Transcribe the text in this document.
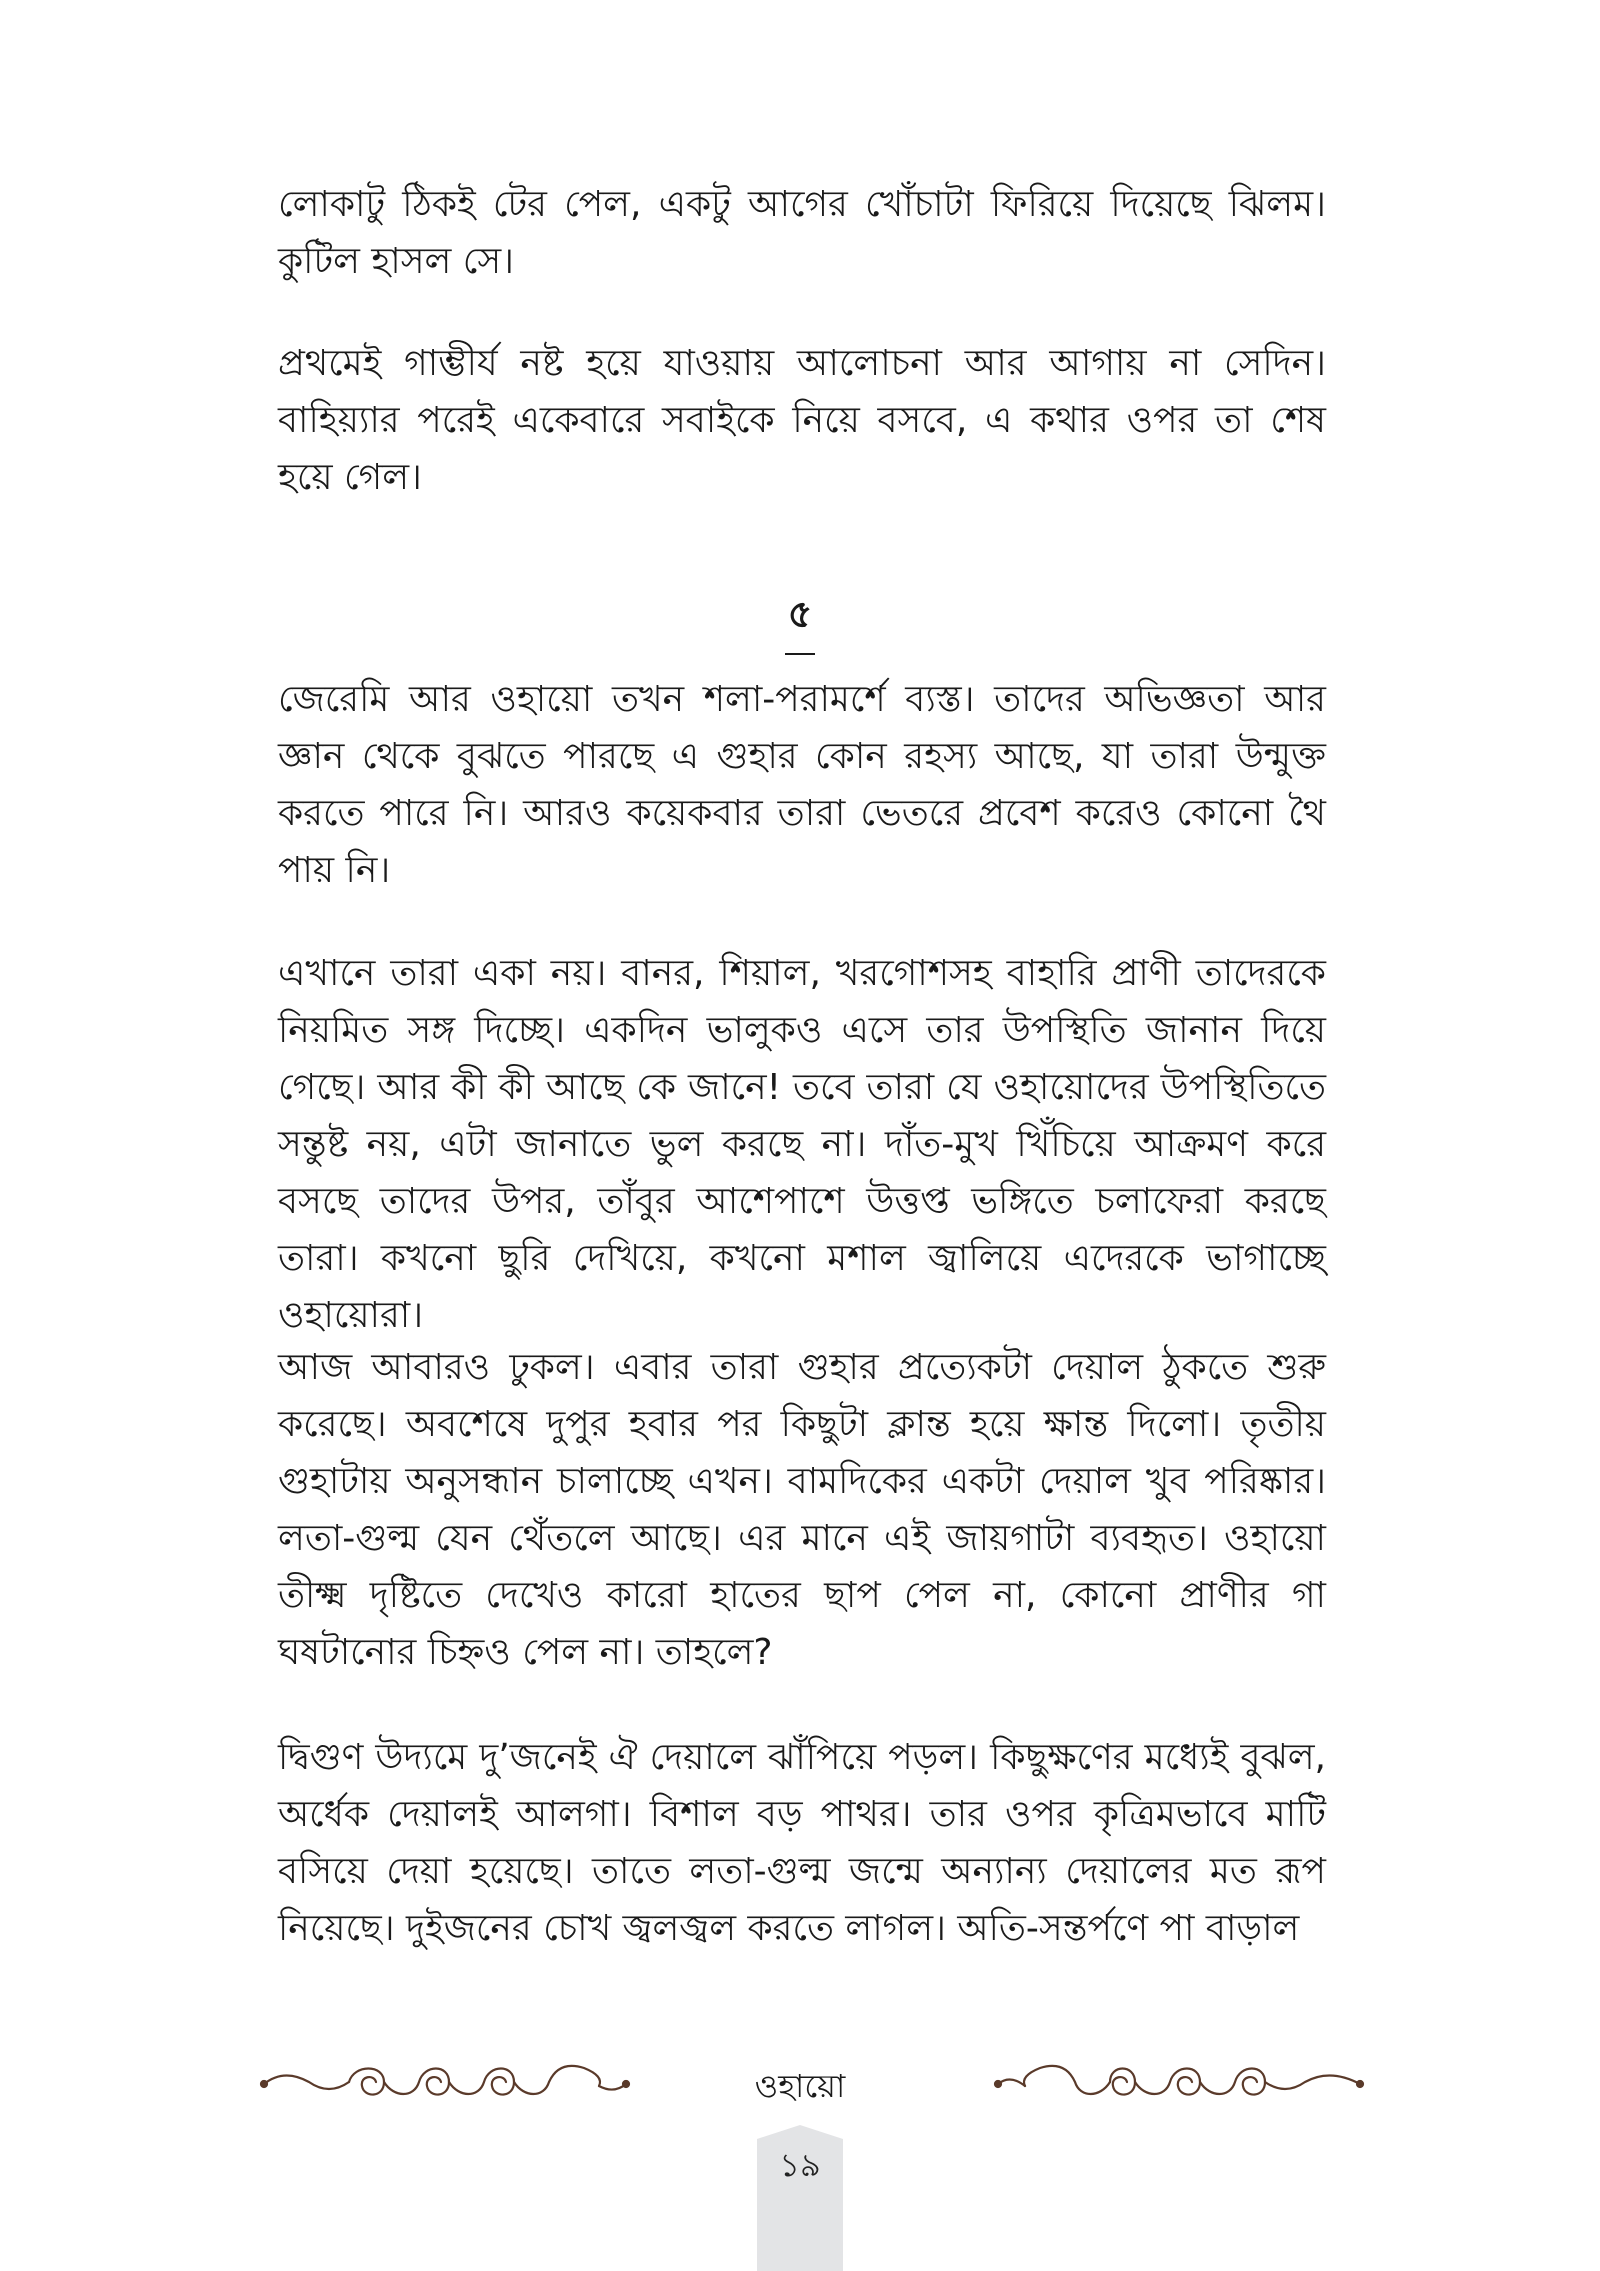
লোকাটু ঠিকই টের পেল, একটু আগের খোঁচাটা ফিরিয়ে দিয়েছে ঝিলম। কুটিল হাসল সে।

প্রথমেই গাম্ভীর্য নষ্ট হয়ে যাওয়ায় আলোচনা আর আগায় না সেদিন। বাহিয়্যার পরেই একেবারে সবাইকে নিয়ে বসবে, এ কথার ওপর তা শেষ হয়ে গেল।

৫

জেরেমি আর ওহায়ো তখন শলা-পরামর্শে ব্যস্ত। তাদের অভিজ্ঞতা আর জ্ঞান থেকে বুঝতে পারছে এ গুহার কোন রহস্য আছে, যা তারা উন্মুক্ত করতে পারে নি। আরও কয়েকবার তারা ভেতরে প্রবেশ করেও কোনো থৈ পায় নি।

এখানে তারা একা নয়। বানর, শিয়াল, খরগোশসহ বাহারি প্রাণী তাদেরকে নিয়মিত সঙ্গ দিচ্ছে। একদিন ভালুকও এসে তার উপস্থিতি জানান দিয়ে গেছে। আর কী কী আছে কে জানে! তবে তারা যে ওহায়োদের উপস্থিতিতে সন্তুষ্ট নয়, এটা জানাতে ভুল করছে না। দাঁত-মুখ খিঁচিয়ে আক্রমণ করে বসছে তাদের উপর, তাঁবুর আশেপাশে উত্তপ্ত ভঙ্গিতে চলাফেরা করছে তারা। কখনো ছুরি দেখিয়ে, কখনো মশাল জ্বালিয়ে এদেরকে ভাগাচ্ছে ওহায়োরা।

আজ আবারও ঢুকল। এবার তারা গুহার প্রত্যেকটা দেয়াল ঠুকতে শুরু করেছে। অবশেষে দুপুর হবার পর কিছুটা ক্লান্ত হয়ে ক্ষান্ত দিলো। তৃতীয় গুহাটায় অনুসন্ধান চালাচ্ছে এখন। বামদিকের একটা দেয়াল খুব পরিষ্কার। লতা-গুল্ম যেন থেঁতলে আছে। এর মানে এই জায়গাটা ব্যবহৃত। ওহায়ো তীক্ষ্ম দৃষ্টিতে দেখেও কারো হাতের ছাপ পেল না, কোনো প্রাণীর গা ঘষটানোর চিহ্নও পেল না। তাহলে?

দ্বিগুণ উদ্যমে দু’জনেই ঐ দেয়ালে ঝাঁপিয়ে পড়ল। কিছুক্ষণের মধ্যেই বুঝল, অর্ধেক দেয়ালই আলগা। বিশাল বড় পাথর। তার ওপর কৃত্রিমভাবে মাটি বসিয়ে দেয়া হয়েছে। তাতে লতা-গুল্ম জন্মে অন্যান্য দেয়ালের মত রূপ নিয়েছে। দুইজনের চোখ জ্বলজ্বল করতে লাগল। অতি-সন্তর্পণে পা বাড়াল

ওহায়ো
১৯
